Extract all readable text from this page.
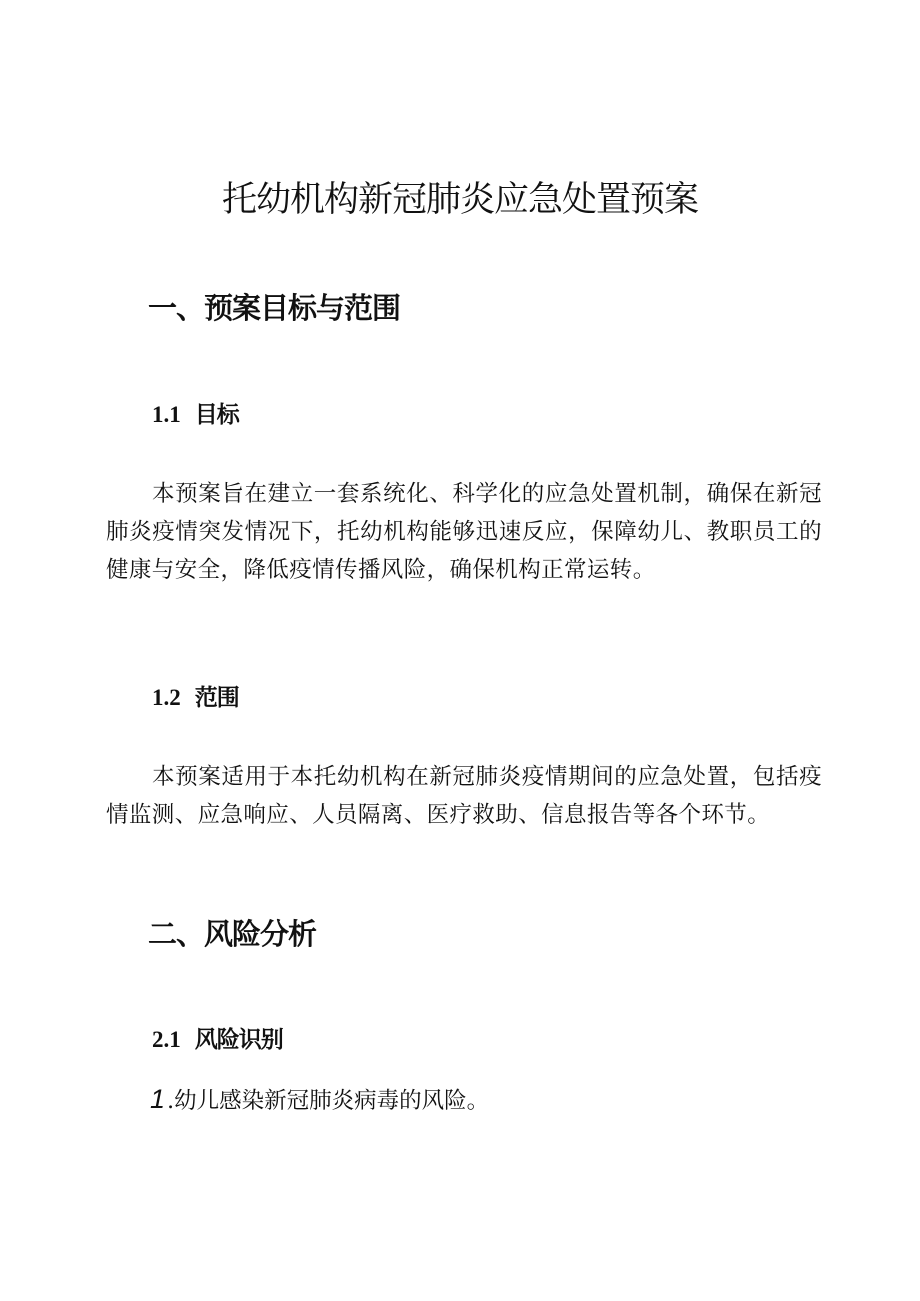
托幼机构新冠肺炎应急处置预案
一、预案目标与范围
1.1 目标

本预案旨在建立一套系统化、科学化的应急处置机制，确保在新冠肺炎疫情突发情况下，托幼机构能够迅速反应，保障幼儿、教职员工的健康与安全，降低疫情传播风险，确保机构正常运转。

1.2 范围

本预案适用于本托幼机构在新冠肺炎疫情期间的应急处置，包括疫情监测、应急响应、人员隔离、医疗救助、信息报告等各个环节。

二、风险分析
2.1 风险识别

1.幼儿感染新冠肺炎病毒的风险。
